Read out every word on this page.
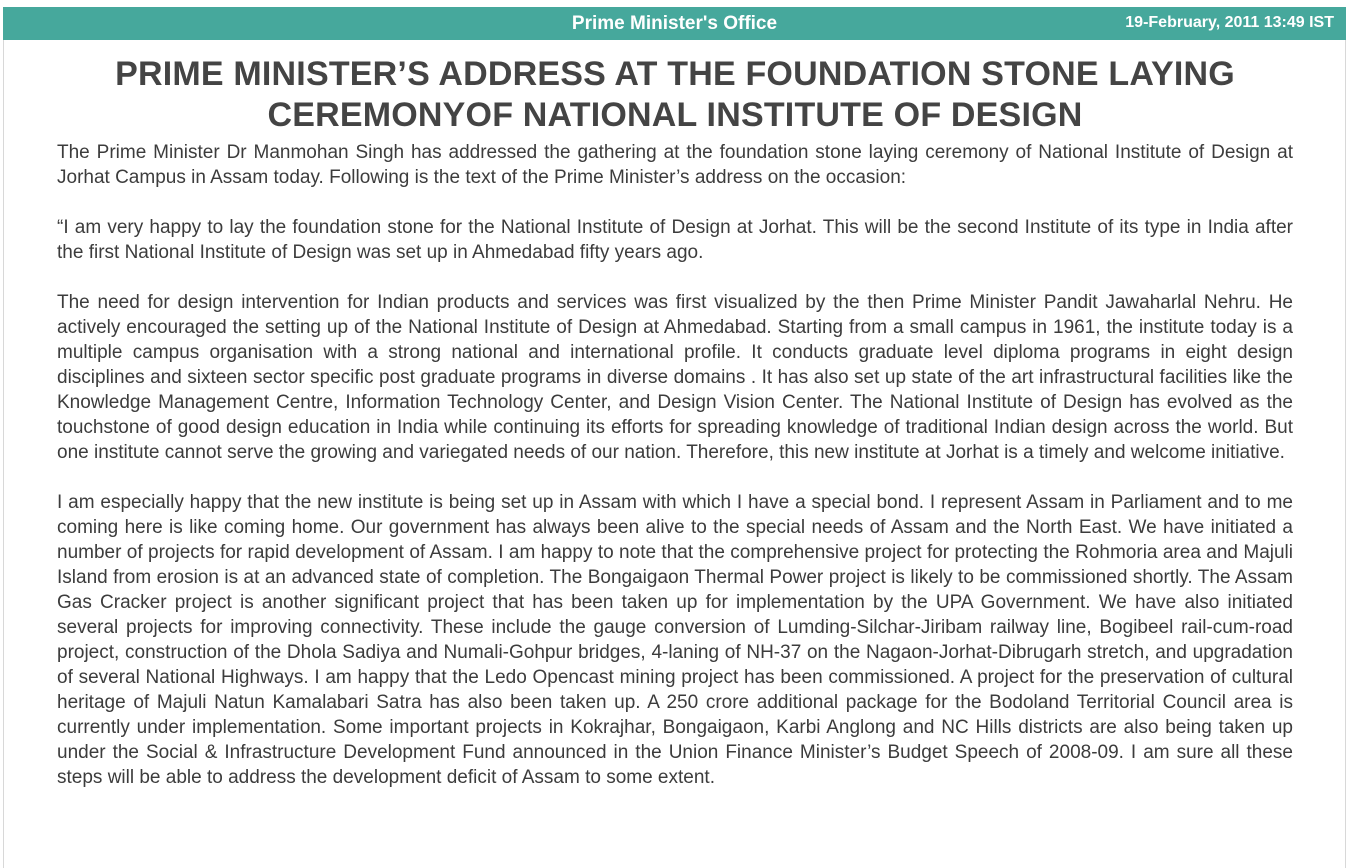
Prime Minister's Office	19-February, 2011 13:49 IST
PRIME MINISTER’S ADDRESS AT THE FOUNDATION STONE LAYING CEREMONYOF NATIONAL INSTITUTE OF DESIGN

The Prime Minister Dr Manmohan Singh has addressed the gathering at the foundation stone laying ceremony of National Institute of Design at Jorhat Campus in Assam today. Following is the text of the Prime Minister’s address on the occasion:

“I am very happy to lay the foundation stone for the National Institute of Design at Jorhat. This will be the second Institute of its type in India after the first National Institute of Design was set up in Ahmedabad fifty years ago.

The need for design intervention for Indian products and services was first visualized by the then Prime Minister Pandit Jawaharlal Nehru. He actively encouraged the setting up of the National Institute of Design at Ahmedabad. Starting from a small campus in 1961, the institute today is a multiple campus organisation with a strong national and international profile. It conducts graduate level diploma programs in eight design disciplines and sixteen sector specific post graduate programs in diverse domains . It has also set up state of the art infrastructural facilities like the Knowledge Management Centre, Information Technology Center, and Design Vision Center. The National Institute of Design has evolved as the touchstone of good design education in India while continuing its efforts for spreading knowledge of traditional Indian design across the world. But one institute cannot serve the growing and variegated needs of our nation. Therefore, this new institute at Jorhat is a timely and welcome initiative.

I am especially happy that the new institute is being set up in Assam with which I have a special bond. I represent Assam in Parliament and to me coming here is like coming home. Our government has always been alive to the special needs of Assam and the North East. We have initiated a number of projects for rapid development of Assam. I am happy to note that the comprehensive project for protecting the Rohmoria area and Majuli Island from erosion is at an advanced state of completion. The Bongaigaon Thermal Power project is likely to be commissioned shortly. The Assam Gas Cracker project is another significant project that has been taken up for implementation by the UPA Government. We have also initiated several projects for improving connectivity. These include the gauge conversion of Lumding-Silchar-Jiribam railway line, Bogibeel rail-cum-road project, construction of the Dhola Sadiya and Numali-Gohpur bridges, 4-laning of NH-37 on the Nagaon-Jorhat-Dibrugarh stretch, and upgradation of several National Highways. I am happy that the Ledo Opencast mining project has been commissioned. A project for the preservation of cultural heritage of Majuli Natun Kamalabari Satra has also been taken up. A 250 crore additional package for the Bodoland Territorial Council area is currently under implementation. Some important projects in Kokrajhar, Bongaigaon, Karbi Anglong and NC Hills districts are also being taken up under the Social & Infrastructure Development Fund announced in the Union Finance Minister’s Budget Speech of 2008-09. I am sure all these steps will be able to address the development deficit of Assam to some extent.
